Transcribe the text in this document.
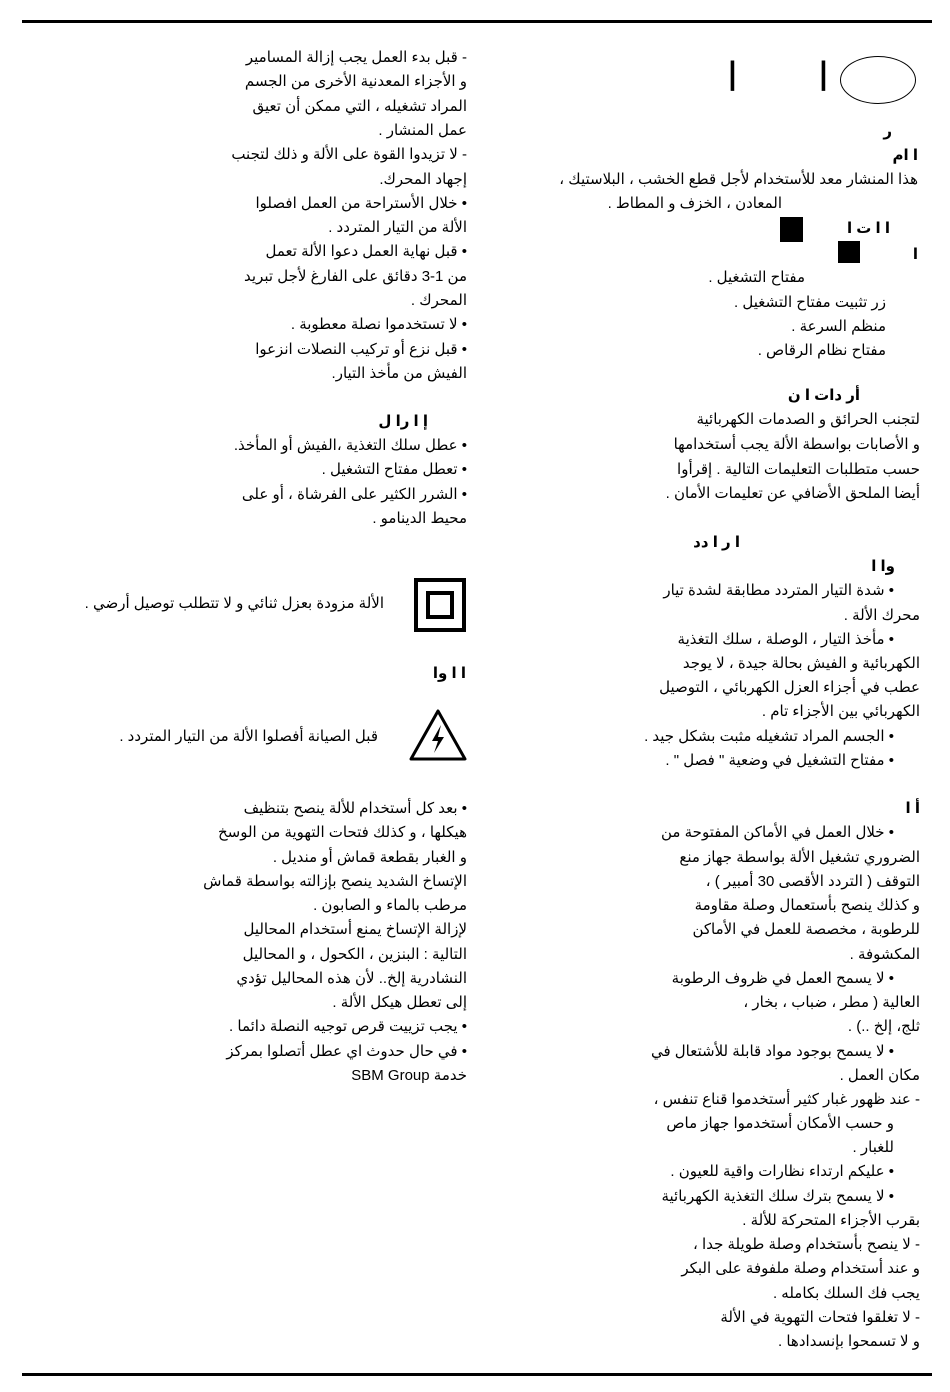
ا ا
ر
ا ام
هذا المنشار معد للأستخدام لأجل قطع الخشب ، البلاستيك ،
المعادن ، الخزف و المطاط .
ا ا ت ا
ا
مفتاح التشغيل .
زر تثبيت مفتاح التشغيل .
منظم السرعة .
مفتاح نظام الرقاص .
أر دات ا ن
لتجنب الحرائق و الصدمات الكهربائية
و الأصابات بواسطة الألة يجب أستخدامها
حسب متطلبات التعليمات التالية . إقرأوا
أيضا الملحق الأضافي عن تعليمات الأمان .
ا ر ا دد
وا ا
• شدة التيار المتردد مطابقة لشدة تيار
محرك الألة .
• مأخذ التيار ، الوصلة ، سلك التغذية
الكهربائية و الفيش بحالة جيدة ، لا يوجد
عطب في أجزاء العزل الكهربائي ، التوصيل
الكهربائي بين الأجزاء تام .
• الجسم المراد تشغيله مثبت بشكل جيد .
• مفتاح التشغيل في وضعية " فصل " .
أ ا
• خلال العمل في الأماكن المفتوحة من
الضروري تشغيل الألة بواسطة جهاز منع
التوقف ( التردد الأقصى 30 أمبير ) ،
و كذلك ينصح بأستعمال وصلة مقاومة
للرطوبة ، مخصصة للعمل في الأماكن
المكشوفة .
• لا يسمح العمل في ظروف الرطوبة
العالية ( مطر ، ضباب ، بخار ،
ثلج، إلخ ..) .
• لا يسمح بوجود مواد قابلة للأشتعال في
مكان العمل .
- عند ظهور غبار كثير أستخدموا قناع تنفس ،
و حسب الأمكان أستخدموا جهاز ماص
للغبار .
• عليكم ارتداء نظارات واقية للعيون .
• لا يسمح بترك سلك التغذية الكهربائية
بقرب الأجزاء المتحركة للألة .
- لا ينصح بأستخدام وصلة طويلة جدا ،
و عند أستخدام وصلة ملفوفة على البكر
يجب فك السلك بكامله .
- لا تغلقوا فتحات التهوية في الألة
و لا تسمحوا بإنسدادها .
- قبل بدء العمل يجب إزالة المسامير
و الأجزاء المعدنية الأخرى من الجسم
المراد تشغيله ، التي ممكن أن تعيق
عمل المنشار .
- لا تزيدوا القوة على الألة و ذلك لتجنب
إجهاد المحرك.
• خلال الأستراحة من العمل افصلوا
الألة من التيار المتردد .
• قبل نهاية العمل دعوا الألة تعمل
من 1-3 دقائق على الفارغ لأجل تبريد
المحرك .
• لا تستخدموا نصلة معطوبة .
• قبل نزع أو تركيب النصلات انزعوا
الفيش من مأخذ التيار.
إ ا را ل
• عطل سلك التغذية ،الفيش أو المأخذ.
• تعطل مفتاح التشغيل .
• الشرر الكثير على الفرشاة ، أو على
محيط الدينامو .
الألة مزودة بعزل ثنائي و لا تتطلب توصيل أرضي .
ا ا وا
قبل الصيانة أفصلوا الألة من التيار المتردد .
• بعد كل أستخدام للألة ينصح بتنظيف
هيكلها ، و كذلك فتحات التهوية من الوسخ
و الغبار بقطعة قماش أو منديل .
الإتساخ الشديد ينصح بإزالته بواسطة قماش
مرطب بالماء و الصابون .
لإزالة الإتساخ يمنع أستخدام المحاليل
التالية : البنزين ، الكحول ، و المحاليل
النشادرية إلخ.. لأن هذه المحاليل تؤدي
إلى تعطل هيكل الألة .
• يجب تزييت قرص توجيه النصلة دائما .
• في حال حدوث اي عطل أتصلوا بمركز
خدمة SBM Group
